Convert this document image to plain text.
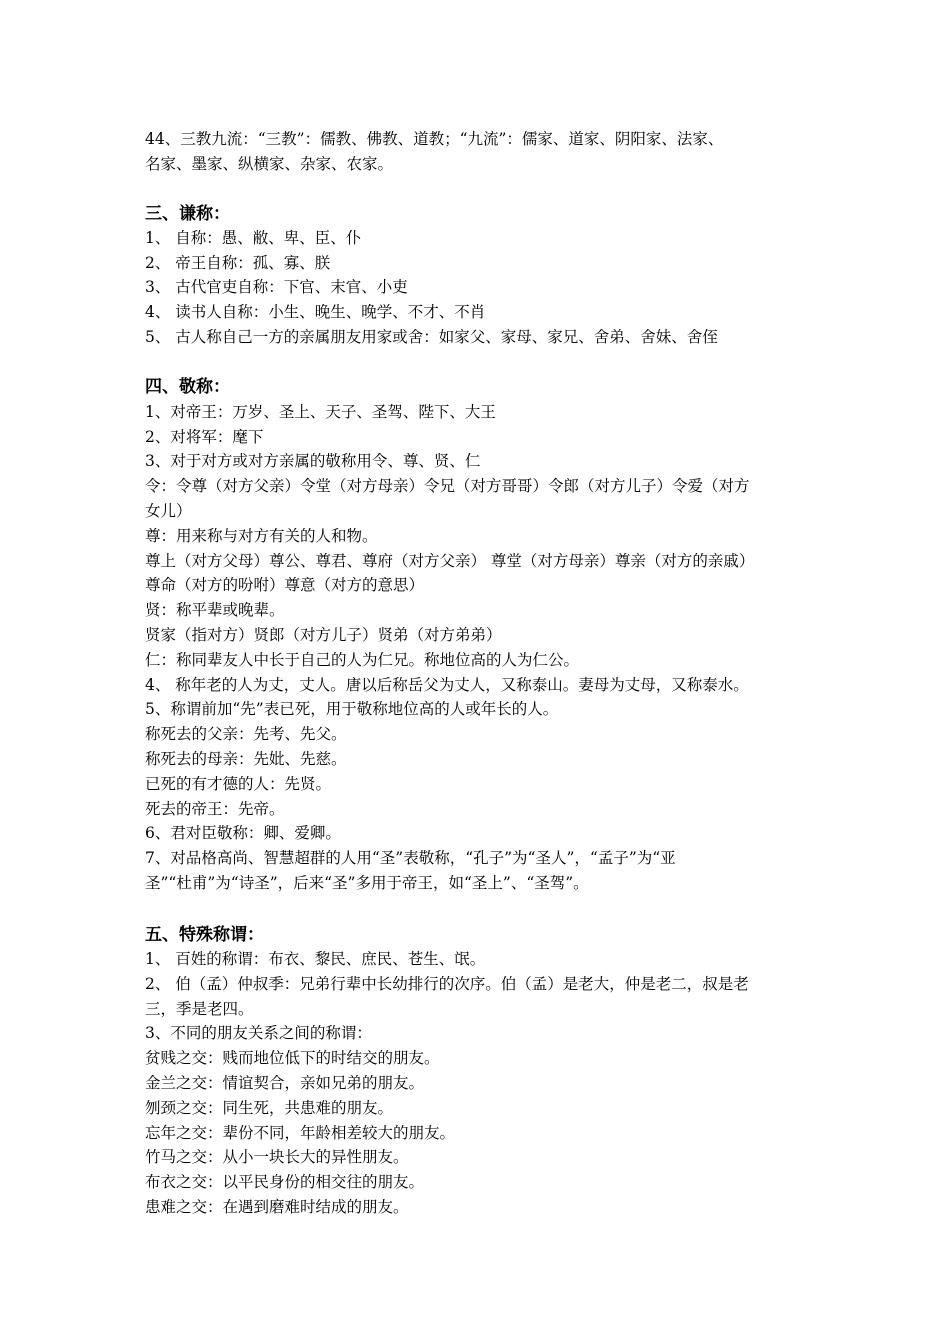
44、三教九流：“三教”：儒教、佛教、道教；“九流”：儒家、道家、阴阳家、法家、
名家、墨家、纵横家、杂家、农家。
三、谦称：
1、 自称：愚、敝、卑、臣、仆
2、 帝王自称：孤、寡、朕
3、 古代官吏自称：下官、末官、小吏
4、 读书人自称：小生、晚生、晚学、不才、不肖
5、 古人称自己一方的亲属朋友用家或舍：如家父、家母、家兄、舍弟、舍妹、舍侄
四、敬称：
1、对帝王：万岁、圣上、天子、圣驾、陛下、大王
2、对将军：麾下
3、对于对方或对方亲属的敬称用令、尊、贤、仁
令：令尊（对方父亲）令堂（对方母亲）令兄（对方哥哥）令郎（对方儿子）令爱（对方
女儿）
尊：用来称与对方有关的人和物。
尊上（对方父母）尊公、尊君、尊府（对方父亲） 尊堂（对方母亲）尊亲（对方的亲戚）
尊命（对方的吩咐）尊意（对方的意思）
贤：称平辈或晚辈。
贤家（指对方）贤郎（对方儿子）贤弟（对方弟弟）
仁：称同辈友人中长于自己的人为仁兄。称地位高的人为仁公。
4、 称年老的人为丈，丈人。唐以后称岳父为丈人，又称泰山。妻母为丈母，又称泰水。
5、称谓前加“先”表已死，用于敬称地位高的人或年长的人。
称死去的父亲：先考、先父。
称死去的母亲：先妣、先慈。
已死的有才德的人：先贤。
死去的帝王：先帝。
6、君对臣敬称：卿、爱卿。
7、对品格高尚、智慧超群的人用“圣”表敬称，“孔子”为“圣人”，“孟子”为“亚
圣”“杜甫”为“诗圣”，后来“圣”多用于帝王，如“圣上”、“圣驾”。
五、特殊称谓：
1、 百姓的称谓：布衣、黎民、庶民、苍生、氓。
2、 伯（孟）仲叔季：兄弟行辈中长幼排行的次序。伯（孟）是老大，仲是老二，叔是老
三，季是老四。
3、不同的朋友关系之间的称谓：
贫贱之交：贱而地位低下的时结交的朋友。
金兰之交：情谊契合，亲如兄弟的朋友。
刎颈之交：同生死，共患难的朋友。
忘年之交：辈份不同，年龄相差较大的朋友。
竹马之交：从小一块长大的异性朋友。
布衣之交：以平民身份的相交往的朋友。
患难之交：在遇到磨难时结成的朋友。
